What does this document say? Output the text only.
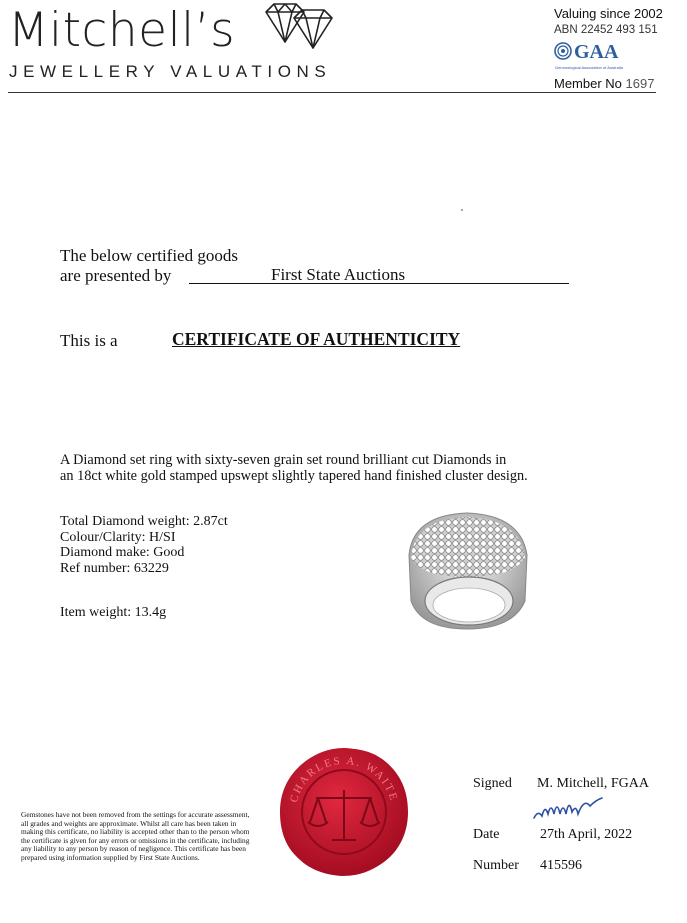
Mitchell’s
JEWELLERY VALUATIONS
Valuing since 2002
ABN 22452 493 151
GAA
Gemmological Association of Australia
Member No 1697
The below certified goods
are presented by	First State Auctions
This is a	CERTIFICATE OF AUTHENTICITY
A Diamond set ring with sixty-seven grain set round brilliant cut Diamonds in
an 18ct white gold stamped upswept slightly tapered hand finished cluster design.
Total Diamond weight: 2.87ct
Colour/Clarity: H/SI
Diamond make: Good
Ref number: 63229
Item weight: 13.4g
CHARLES A. WAITE
Gemstones have not been removed from the settings for accurate assessment, all grades and weights are approximate. Whilst all care has been taken in making this certificate, no liability is accepted other than to the person whom the certificate is given for any errors or omissions in the certificate, including any liability to any person by reason of negligence. This certificate has been prepared using information supplied by First State Auctions.
Signed M. Mitchell, FGAA
Date	27th April, 2022
Number 415596
